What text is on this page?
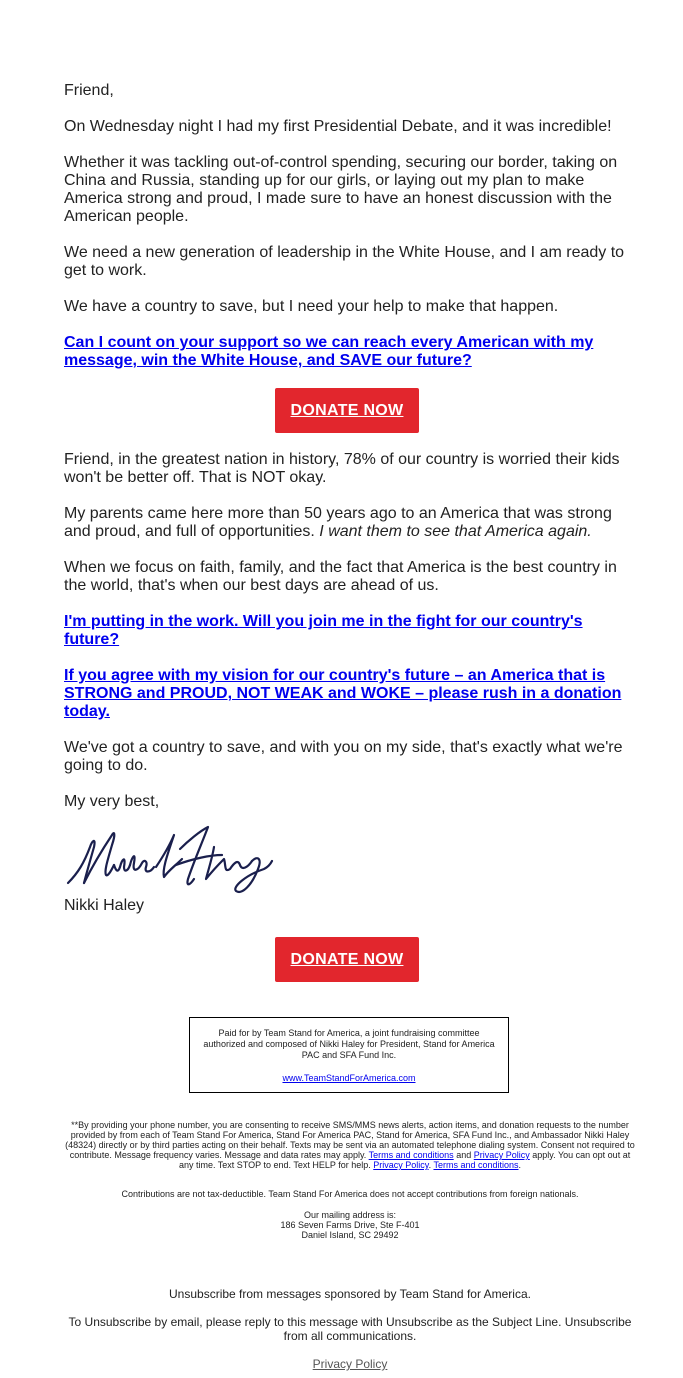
Friend,

On Wednesday night I had my first Presidential Debate, and it was incredible!

Whether it was tackling out-of-control spending, securing our border, taking on China and Russia, standing up for our girls, or laying out my plan to make America strong and proud, I made sure to have an honest discussion with the American people.

We need a new generation of leadership in the White House, and I am ready to get to work.

We have a country to save, but I need your help to make that happen.

Can I count on your support so we can reach every American with my message, win the White House, and SAVE our future?

DONATE NOW

Friend, in the greatest nation in history, 78% of our country is worried their kids won't be better off. That is NOT okay.

My parents came here more than 50 years ago to an America that was strong and proud, and full of opportunities. I want them to see that America again.

When we focus on faith, family, and the fact that America is the best country in the world, that's when our best days are ahead of us.

I'm putting in the work. Will you join me in the fight for our country's future?

If you agree with my vision for our country's future – an America that is STRONG and PROUD, NOT WEAK and WOKE – please rush in a donation today.

We've got a country to save, and with you on my side, that's exactly what we're going to do.

My very best,

Nikki Haley

DONATE NOW
Paid for by Team Stand for America, a joint fundraising committee authorized and composed of Nikki Haley for President, Stand for America PAC and SFA Fund Inc.
www.TeamStandForAmerica.com
**By providing your phone number, you are consenting to receive SMS/MMS news alerts, action items, and donation requests to the number provided by from each of Team Stand For America, Stand For America PAC, Stand for America, SFA Fund Inc., and Ambassador Nikki Haley (48324) directly or by third parties acting on their behalf. Texts may be sent via an automated telephone dialing system. Consent not required to contribute. Message frequency varies. Message and data rates may apply. Terms and conditions and Privacy Policy apply. You can opt out at any time. Text STOP to end. Text HELP for help. Privacy Policy. Terms and conditions.
Contributions are not tax-deductible. Team Stand For America does not accept contributions from foreign nationals.
Our mailing address is:
186 Seven Farms Drive, Ste F-401
Daniel Island, SC 29492
Unsubscribe from messages sponsored by Team Stand for America.
To Unsubscribe by email, please reply to this message with Unsubscribe as the Subject Line. Unsubscribe from all communications.
Privacy Policy
